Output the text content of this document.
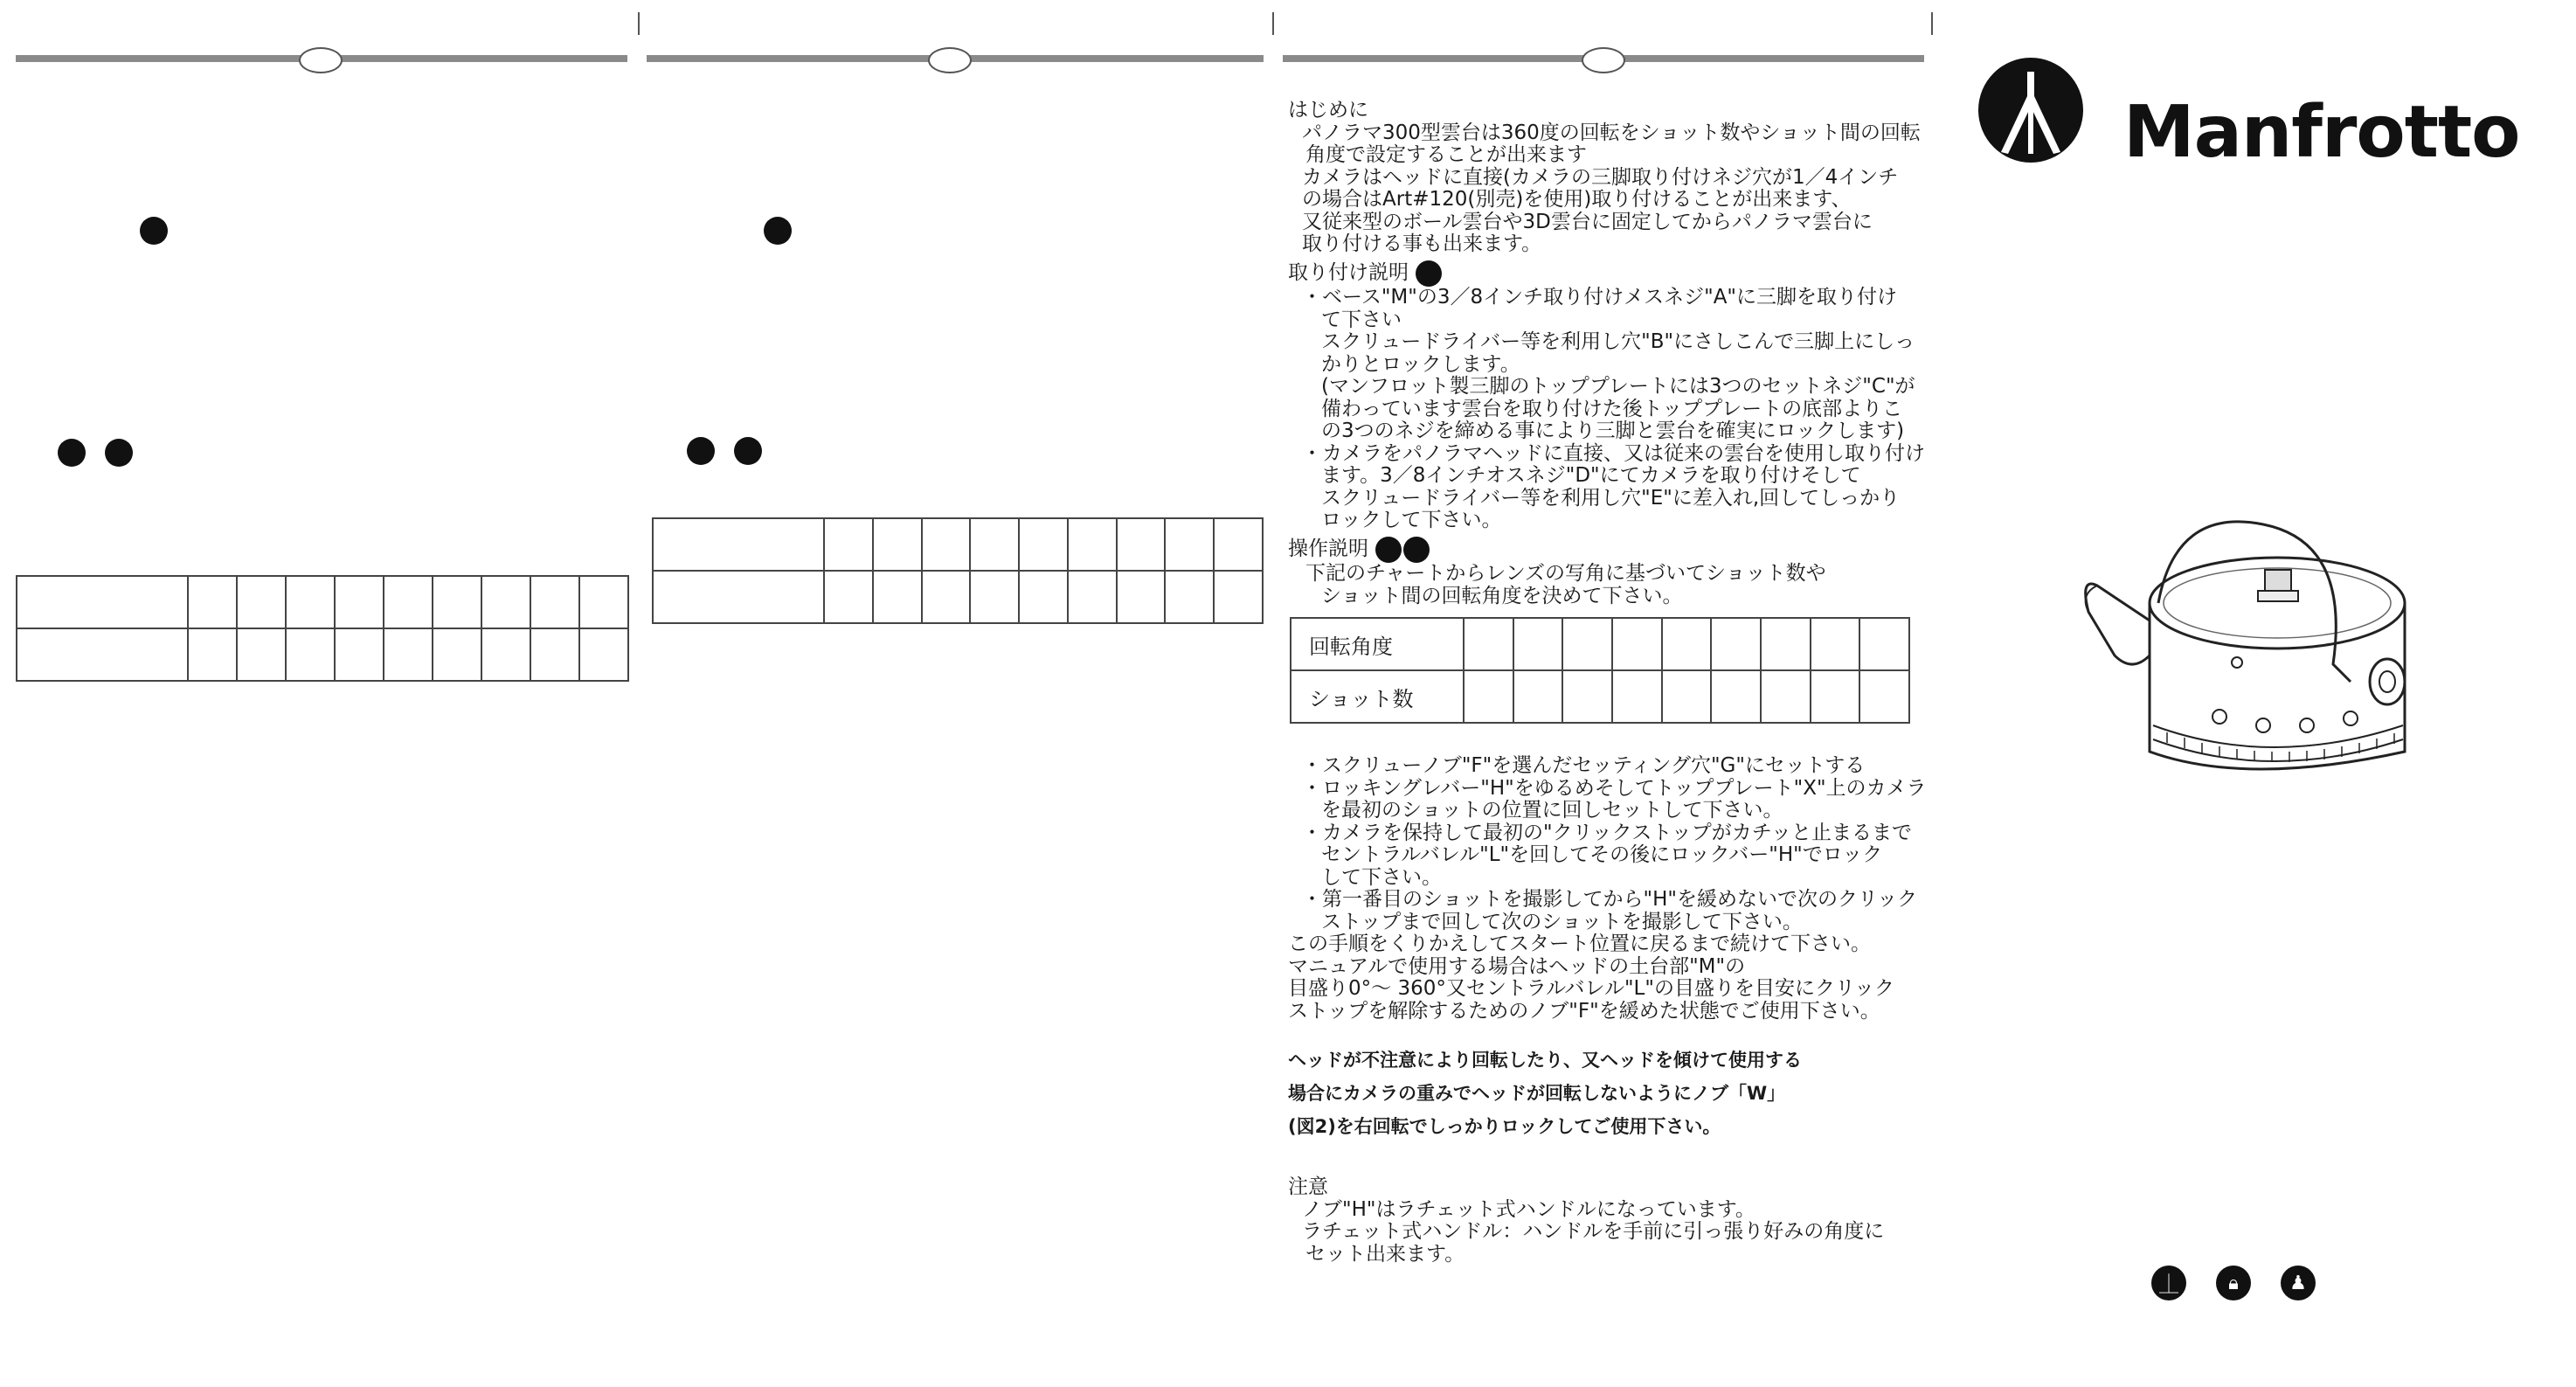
はじめに

パノラマ300型雲台は360度の回転をショット数やショット間の回転

角度で設定することが出来ます

カメラはヘッドに直接(カメラの三脚取り付けネジ穴が1／4インチ

の場合はArt#120(別売)を使用)取り付けることが出来ます、

又従来型のボール雲台や3D雲台に固定してからパノラマ雲台に

取り付ける事も出来ます。

取り付け説明

・ベース"M"の3／8インチ取り付けメスネジ"A"に三脚を取り付け

て下さい

スクリュードライバー等を利用し穴"B"にさしこんで三脚上にしっ

かりとロックします。

(マンフロット製三脚のトッププレートには3つのセットネジ"C"が

備わっています雲台を取り付けた後トッププレートの底部よりこ

の3つのネジを締める事により三脚と雲台を確実にロックします)

・カメラをパノラマヘッドに直接、又は従来の雲台を使用し取り付け

ます。3／8インチオスネジ"D"にてカメラを取り付けそして

スクリュードライバー等を利用し穴"E"に差入れ,回してしっかり

ロックして下さい。

操作説明

下記のチャートからレンズの写角に基づいてショット数や

ショット間の回転角度を決めて下さい。

回転角度									
ショット数									

・スクリューノブ"F"を選んだセッティング穴"G"にセットする

・ロッキングレバー"H"をゆるめそしてトッププレート"X"上のカメラ

を最初のショットの位置に回しセットして下さい。

・カメラを保持して最初の"クリックストップがカチッと止まるまで

セントラルバレル"L"を回してその後にロックバー"H"でロック

して下さい。

・第一番目のショットを撮影してから"H"を緩めないで次のクリック

ストップまで回して次のショットを撮影して下さい。

この手順をくりかえしてスタート位置に戻るまで続けて下さい。

マニュアルで使用する場合はヘッドの土台部"M"の

目盛り0°～ 360°又セントラルバレル"L"の目盛りを目安にクリック

ストップを解除するためのノブ"F"を緩めた状態でご使用下さい。

ヘッドが不注意により回転したり、又ヘッドを傾けて使用する

場合にカメラの重みでヘッドが回転しないようにノブ「W」

(図2)を右回転でしっかりロックしてご使用下さい。

注意

ノブ"H"はラチェット式ハンドルになっています。

ラチェット式ハンドル：ハンドルを手前に引っ張り好みの角度に

セット出来ます。

Manfrotto
⏊	🔒︎	♟
